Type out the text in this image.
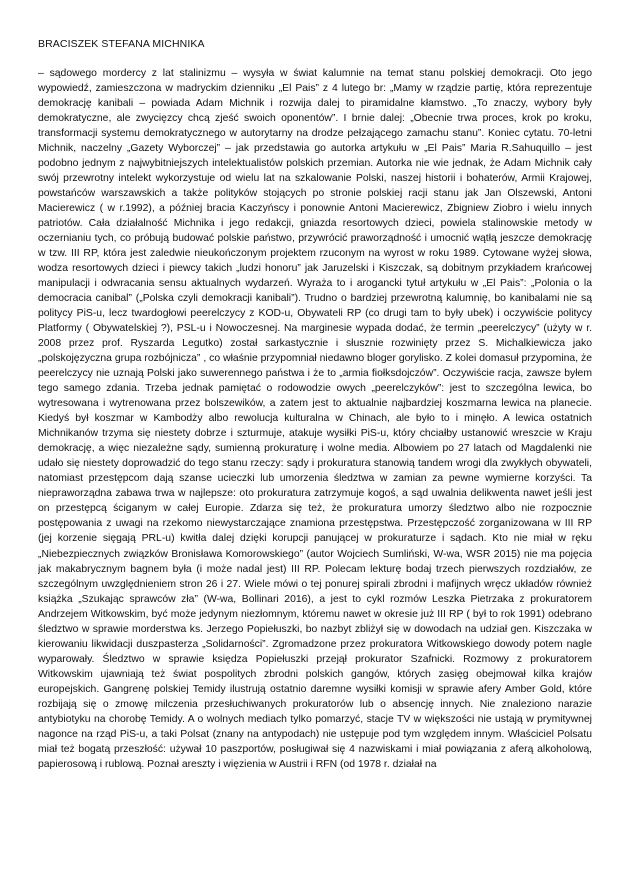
BRACISZEK STEFANA MICHNIKA

– sądowego mordercy z lat stalinizmu – wysyła w świat kalumnie na temat stanu polskiej demokracji. Oto jego wypowiedź, zamieszczona w madryckim dzienniku „El Pais” z 4 lutego br: „Mamy w rządzie partię, która reprezentuje demokrację kanibali – powiada Adam Michnik i rozwija dalej to piramidalne kłamstwo. „To znaczy, wybory były demokratyczne, ale zwycięzcy chcą zjeść swoich oponentów”. I brnie dalej: „Obecnie trwa proces, krok po kroku, transformacji systemu demokratycznego w autorytarny na drodze pełzającego zamachu stanu”. Koniec cytatu. 70-letni Michnik, naczelny „Gazety Wyborczej” – jak przedstawia go autorka artykułu w „El Pais” Maria R.Sahuquillo – jest podobno jednym z najwybitniejszych intelektualistów polskich przemian. Autorka nie wie jednak, że Adam Michnik cały swój przewrotny intelekt wykorzystuje od wielu lat na szkalowanie Polski, naszej historii i bohaterów, Armii Krajowej, powstańców warszawskich a także polityków stojących po stronie polskiej racji stanu jak Jan Olszewski, Antoni Macierewicz ( w r.1992), a później bracia Kaczyńscy i ponownie Antoni Macierewicz, Zbigniew Ziobro i wielu innych patriotów. Cała działalność Michnika i jego redakcji, gniazda resortowych dzieci, powiela stalinowskie metody w oczernianiu tych, co próbują budować polskie państwo, przywrócić praworządność i umocnić wątłą jeszcze demokrację w tzw. III RP, która jest zaledwie nieukończonym projektem rzuconym na wyrost w roku 1989. Cytowane wyżej słowa, wodza resortowych dzieci i piewcy takich „ludzi honoru” jak Jaruzelski i Kiszczak, są dobitnym przykładem krańcowej manipulacji i odwracania sensu aktualnych wydarzeń. Wyraża to i arogancki tytuł artykułu w „El Pais”: „Polonia o la democracia canibal” („Polska czyli demokracji kanibali”). Trudno o bardziej przewrotną kalumnię, bo kanibalami nie są politycy PiS-u, lecz twardogłowi peerelczycy z KOD-u, Obywateli RP (co drugi tam to były ubek) i oczywiście politycy Platformy ( Obywatelskiej ?), PSL-u i Nowoczesnej. Na marginesie wypada dodać, że termin „peerelczycy” (użyty w r. 2008 przez prof. Ryszarda Legutko) został sarkastycznie i słusznie rozwinięty przez S. Michalkiewicza jako „polskojęzyczna grupa rozbójnicza” , co właśnie przypomniał niedawno bloger gorylisko. Z kolei domasuł przypomina, że peerelczycy nie uznają Polski jako suwerennego państwa i że to „armia fiołksdojczów”. Oczywiście racja, zawsze byłem tego samego zdania. Trzeba jednak pamiętać o rodowodzie owych „peerelczyków”: jest to szczególna lewica, bo wytresowana i wytrenowana przez bolszewików, a zatem jest to aktualnie najbardziej koszmarna lewica na planecie. Kiedyś był koszmar w Kambodży albo rewolucja kulturalna w Chinach, ale było to i minęło. A lewica ostatnich Michnikanów trzyma się niestety dobrze i szturmuje, atakuje wysiłki PiS-u, który chciałby ustanowić wreszcie w Kraju demokrację, a więc niezależne sądy, sumienną prokuraturę i wolne media. Albowiem po 27 latach od Magdalenki nie udało się niestety doprowadzić do tego stanu rzeczy: sądy i prokuratura stanowią tandem wrogi dla zwykłych obywateli, natomiast przestępcom dają szanse ucieczki lub umorzenia śledztwa w zamian za pewne wymierne korzyści. Ta niepraworządna zabawa trwa w najlepsze: oto prokuratura zatrzymuje kogoś, a sąd uwalnia delikwenta nawet jeśli jest on przestępcą ściganym w całej Europie. Zdarza się też, że prokuratura umorzy śledztwo albo nie rozpocznie postępowania z uwagi na rzekomo niewystarczające znamiona przestępstwa. Przestępczość zorganizowana w III RP (jej korzenie sięgają PRL-u) kwitła dalej dzięki korupcji panującej w prokuraturze i sądach. Kto nie miał w ręku „Niebezpiecznych związków Bronisława Komorowskiego” (autor Wojciech Sumliński, W-wa, WSR 2015) nie ma pojęcia jak makabrycznym bagnem była (i może nadal jest) III RP. Polecam lekturę bodaj trzech pierwszych rozdziałów, ze szczególnym uwzględnieniem stron 26 i 27. Wiele mówi o tej ponurej spirali zbrodni i mafijnych wręcz układów również książka „Szukając sprawców zła” (W-wa, Bollinari 2016), a jest to cykl rozmów Leszka Pietrzaka z prokuratorem Andrzejem Witkowskim, być może jedynym niezłomnym, któremu nawet w okresie już III RP ( był to rok 1991) odebrano śledztwo w sprawie morderstwa ks. Jerzego Popiełuszki, bo nazbyt zbliżył się w dowodach na udział gen. Kiszczaka w kierowaniu likwidacji duszpasterza „Solidarności”. Zgromadzone przez prokuratora Witkowskiego dowody potem nagle wyparowały. Śledztwo w sprawie księdza Popiełuszki przejął prokurator Szafnicki. Rozmowy z prokuratorem Witkowskim ujawniają też świat pospolitych zbrodni polskich gangów, których zasięg obejmował kilka krajów europejskich. Gangrenę polskiej Temidy ilustrują ostatnio daremne wysiłki komisji w sprawie afery Amber Gold, które rozbijają się o zmowę milczenia przesłuchiwanych prokuratorów lub o absencję innych. Nie znaleziono narazie antybiotyku na chorobę Temidy. A o wolnych mediach tylko pomarzyć, stacje TV w większości nie ustają w prymitywnej nagonce na rząd PiS-u, a taki Polsat (znany na antypodach) nie ustępuje pod tym względem innym. Właściciel Polsatu miał też bogatą przeszłość: używał 10 paszportów, posługiwał się 4 nazwiskami i miał powiązania z aferą alkoholową, papierosową i rublową. Poznał areszty i więzienia w Austrii i RFN (od 1978 r. działał na
